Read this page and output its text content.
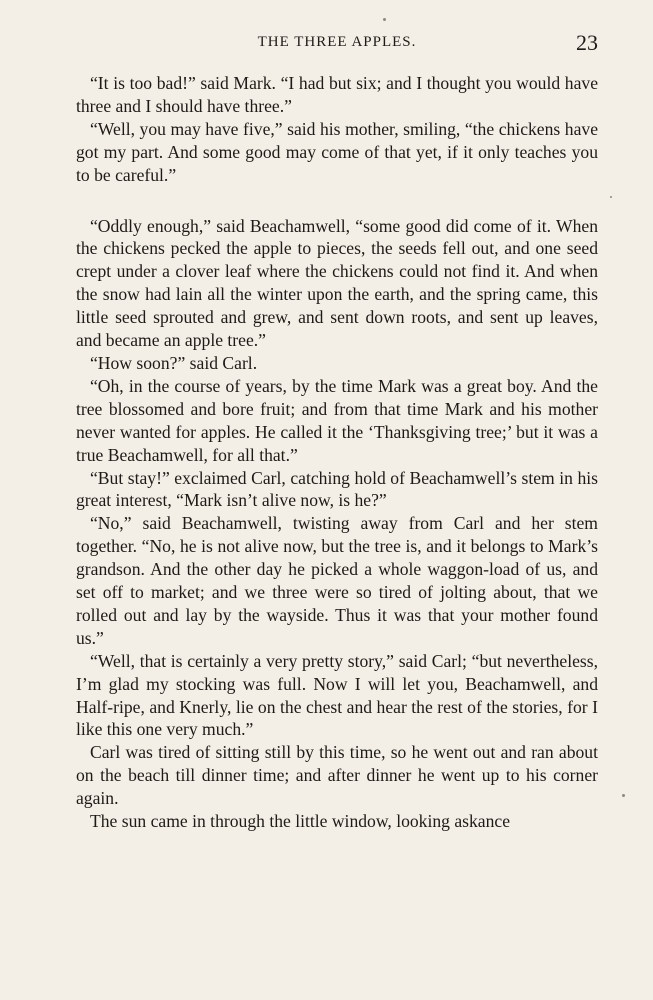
THE THREE APPLES.	23

“It is too bad!” said Mark. “I had but six; and I thought you would have three and I should have three.”

“Well, you may have five,” said his mother, smiling, “the chickens have got my part. And some good may come of that yet, if it only teaches you to be careful.”

“Oddly enough,” said Beachamwell, “some good did come of it. When the chickens pecked the apple to pieces, the seeds fell out, and one seed crept under a clover leaf where the chickens could not find it. And when the snow had lain all the winter upon the earth, and the spring came, this little seed sprouted and grew, and sent down roots, and sent up leaves, and became an apple tree.”

“How soon?” said Carl.

“Oh, in the course of years, by the time Mark was a great boy. And the tree blossomed and bore fruit; and from that time Mark and his mother never wanted for apples. He called it the ‘Thanksgiving tree;’ but it was a true Beachamwell, for all that.”

“But stay!” exclaimed Carl, catching hold of Beachamwell’s stem in his great interest, “Mark isn’t alive now, is he?”

“No,” said Beachamwell, twisting away from Carl and her stem together. “No, he is not alive now, but the tree is, and it belongs to Mark’s grandson. And the other day he picked a whole waggon-load of us, and set off to market; and we three were so tired of jolting about, that we rolled out and lay by the wayside. Thus it was that your mother found us.”

“Well, that is certainly a very pretty story,” said Carl; “but nevertheless, I’m glad my stocking was full. Now I will let you, Beachamwell, and Half-ripe, and Knerly, lie on the chest and hear the rest of the stories, for I like this one very much.”

Carl was tired of sitting still by this time, so he went out and ran about on the beach till dinner time; and after dinner he went up to his corner again.

The sun came in through the little window, looking askance
